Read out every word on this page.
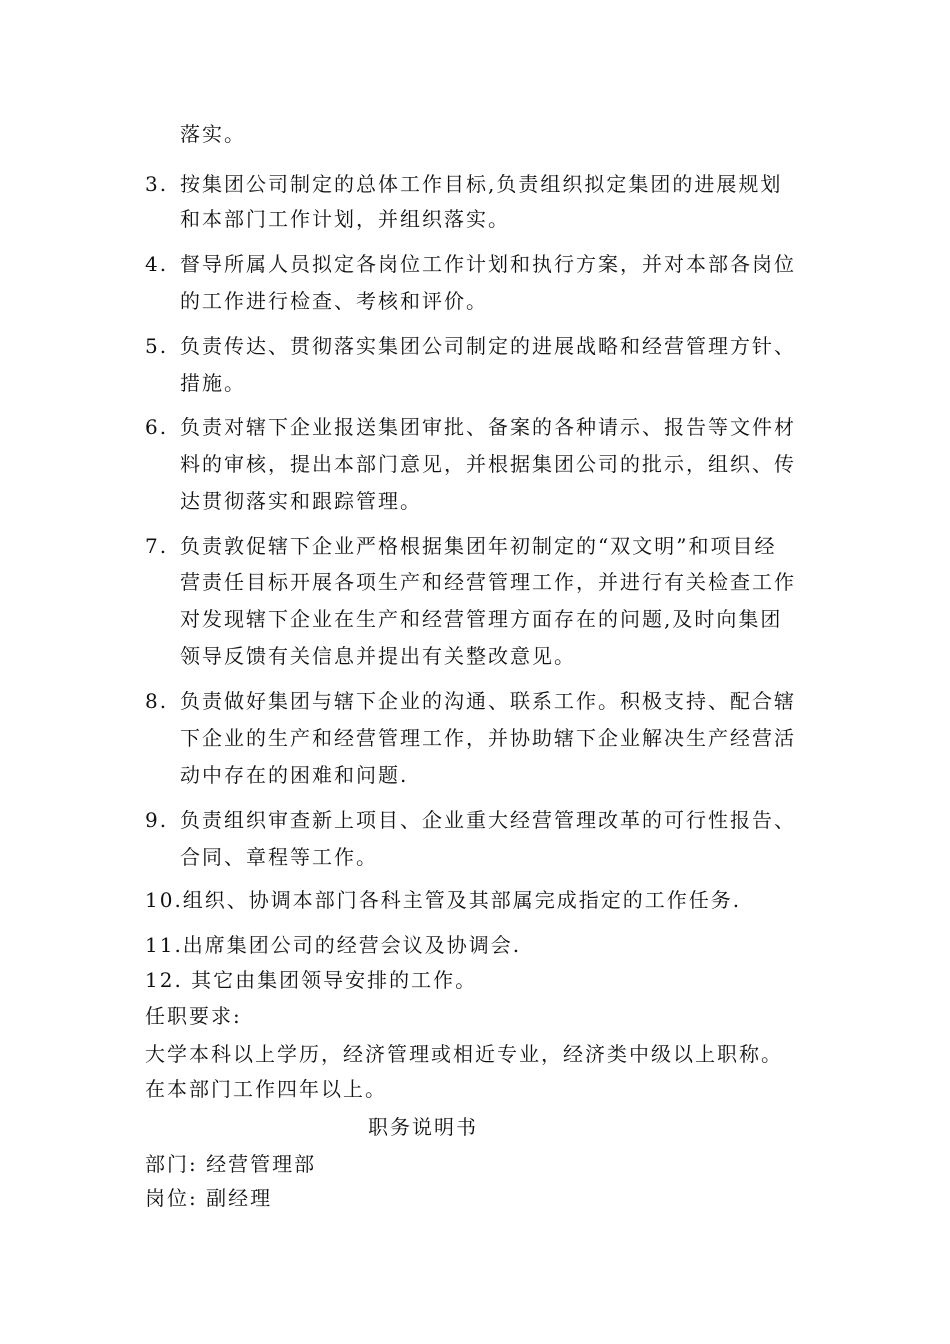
落实。
3. 按集团公司制定的总体工作目标,负责组织拟定集团的进展规划
和本部门工作计划，并组织落实。
4. 督导所属人员拟定各岗位工作计划和执行方案，并对本部各岗位
的工作进行检查、考核和评价。
5. 负责传达、贯彻落实集团公司制定的进展战略和经营管理方针、
措施。
6. 负责对辖下企业报送集团审批、备案的各种请示、报告等文件材
料的审核，提出本部门意见，并根据集团公司的批示，组织、传
达贯彻落实和跟踪管理。
7. 负责敦促辖下企业严格根据集团年初制定的“双文明”和项目经
营责任目标开展各项生产和经营管理工作，并进行有关检查工作
对发现辖下企业在生产和经营管理方面存在的问题,及时向集团
领导反馈有关信息并提出有关整改意见。
8. 负责做好集团与辖下企业的沟通、联系工作。积极支持、配合辖
下企业的生产和经营管理工作，并协助辖下企业解决生产经营活
动中存在的困难和问题.
9. 负责组织审查新上项目、企业重大经营管理改革的可行性报告、
合同、章程等工作。
10.组织、协调本部门各科主管及其部属完成指定的工作任务.
11.出席集团公司的经营会议及协调会.
12. 其它由集团领导安排的工作。
任职要求:
大学本科以上学历，经济管理或相近专业，经济类中级以上职称。
在本部门工作四年以上。
职务说明书
部门: 经营管理部
岗位: 副经理
